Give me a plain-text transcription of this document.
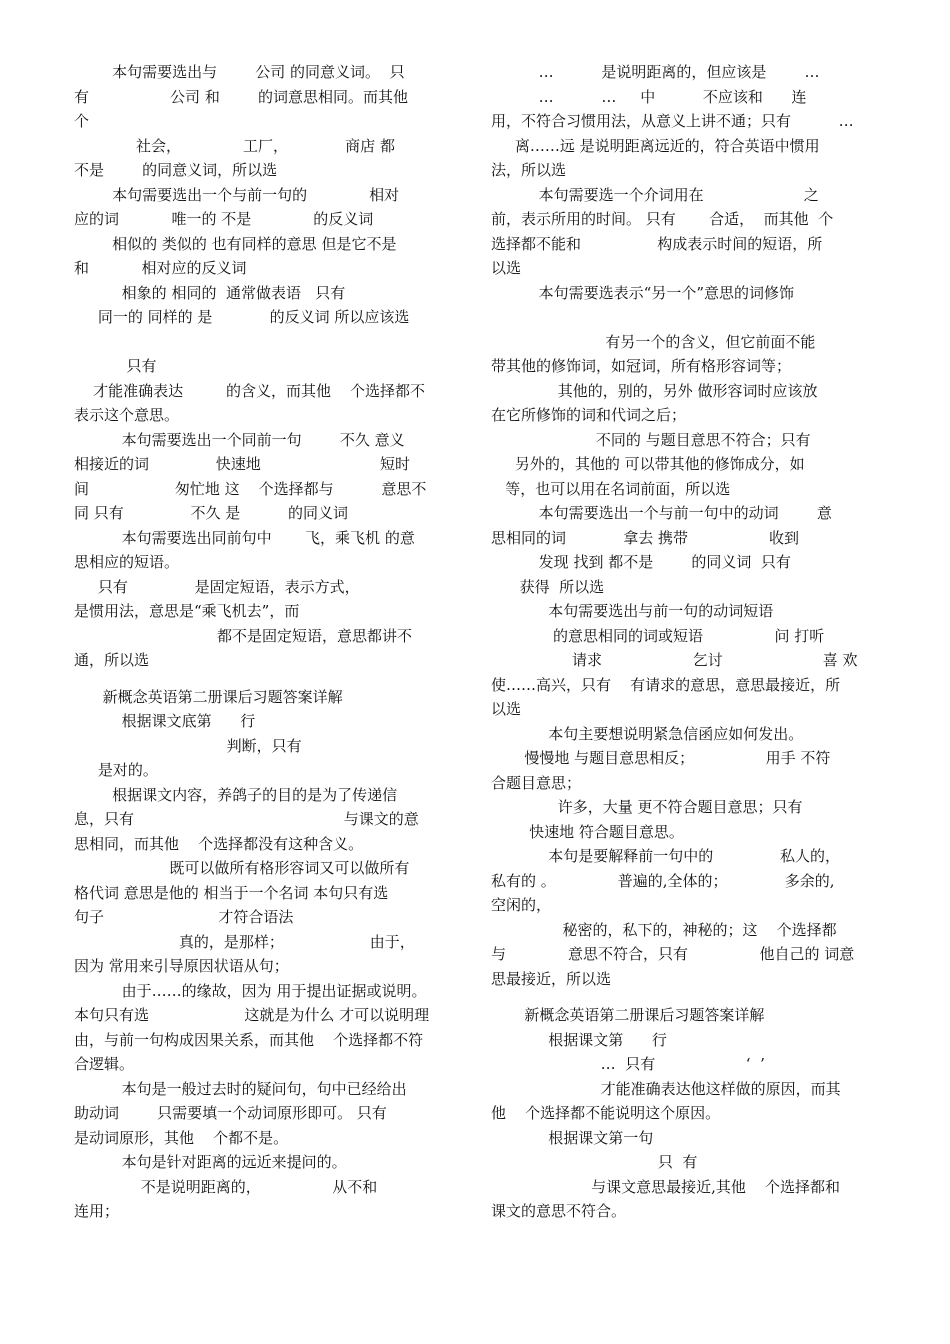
本句需要选出与        公司 的同意义词。  只
有                 公司 和        的词意思相同。而其他
个
社会，             工厂，            商店 都
不是        的同意义词，所以选
本句需要选出一个与前一句的             相对
应的词           唯一的 不是             的反义词
相似的 类似的 也有同样的意思 但是它不是
和           相对应的反义词
相象的 相同的  通常做表语   只有
同一的 同样的 是            的反义词 所以应该选
只有
才能准确表达         的含义，而其他    个选择都不
表示这个意思。
本句需要选出一个同前一句        不久 意义
相接近的词              快速地                         短时
间                  匆忙地 这    个选择都与          意思不
同 只有              不久 是          的同义词
本句需要选出同前句中       飞，乘飞机 的意
思相应的短语。
只有              是固定短语，表示方式，
是惯用法，意思是“乘飞机去”，而
都不是固定短语，意思都讲不
通，所以选
新概念英语第二册课后习题答案详解
根据课文底第      行
判断，只有
是对的。
根据课文内容，养鸽子的目的是为了传递信
息，只有                                            与课文的意
思相同，而其他    个选择都没有这种含义。
既可以做所有格形容词又可以做所有
格代词 意思是他的 相当于一个名词 本句只有选
句子                        才符合语法
真的，是那样；                  由于，
因为 常用来引导原因状语从句；
由于……的缘故，因为 用于提出证据或说明。
本句只有选                    这就是为什么 才可以说明理
由，与前一句构成因果关系，而其他    个选择都不符
合逻辑。
本句是一般过去时的疑问句，句中已经给出
助动词        只需要填一个动词原形即可。 只有
是动词原形，其他    个都不是。
本句是针对距离的远近来提问的。
不是说明距离的，               从不和
连用；
…          是说明距离的，但应该是        …
…          …     中          不应该和      连
用，不符合习惯用法，从意义上讲不通；只有          …
离……远 是说明距离远近的，符合英语中惯用
法，所以选
本句需要选一个介词用在                     之
前，表示所用的时间。 只有       合适，  而其他  个
选择都不能和                构成表示时间的短语，所
以选
本句需要选表示“另一个”意思的词修饰
有另一个的含义，但它前面不能
带其他的修饰词，如冠词，所有格形容词等；
其他的，别的，另外 做形容词时应该放
在它所修饰的词和代词之后；
不同的 与题目意思不符合；只有
另外的，其他的 可以带其他的修饰成分，如
等，也可以用在名词前面，所以选
本句需要选出一个与前一句中的动词        意
思相同的词            拿去 携带                 收到
发现 找到 都不是        的同义词  只有
获得  所以选
本句需要选出与前一句的动词短语
的意思相同的词或短语               问 打听
请求                   乞讨                     喜 欢
使……高兴，只有    有请求的意思，意思最接近，所
以选
本句主要想说明紧急信函应如何发出。
慢慢地 与题目意思相反；               用手 不符
合题目意思；
许多，大量 更不符合题目意思；只有
快速地 符合题目意思。
本句是要解释前一句中的              私人的，
私有的 。             普遍的,全体的；            多余的,
空闲的，
秘密的，私下的，神秘的；这    个选择都
与             意思不符合，只有               他自己的 词意
思最接近，所以选
新概念英语第二册课后习题答案详解
根据课文第      行
…  只有                   ‘  ’
才能准确表达他这样做的原因，而其
他    个选择都不能说明这个原因。
根据课文第一句
只  有
与课文意思最接近,其他    个选择都和
课文的意思不符合。
